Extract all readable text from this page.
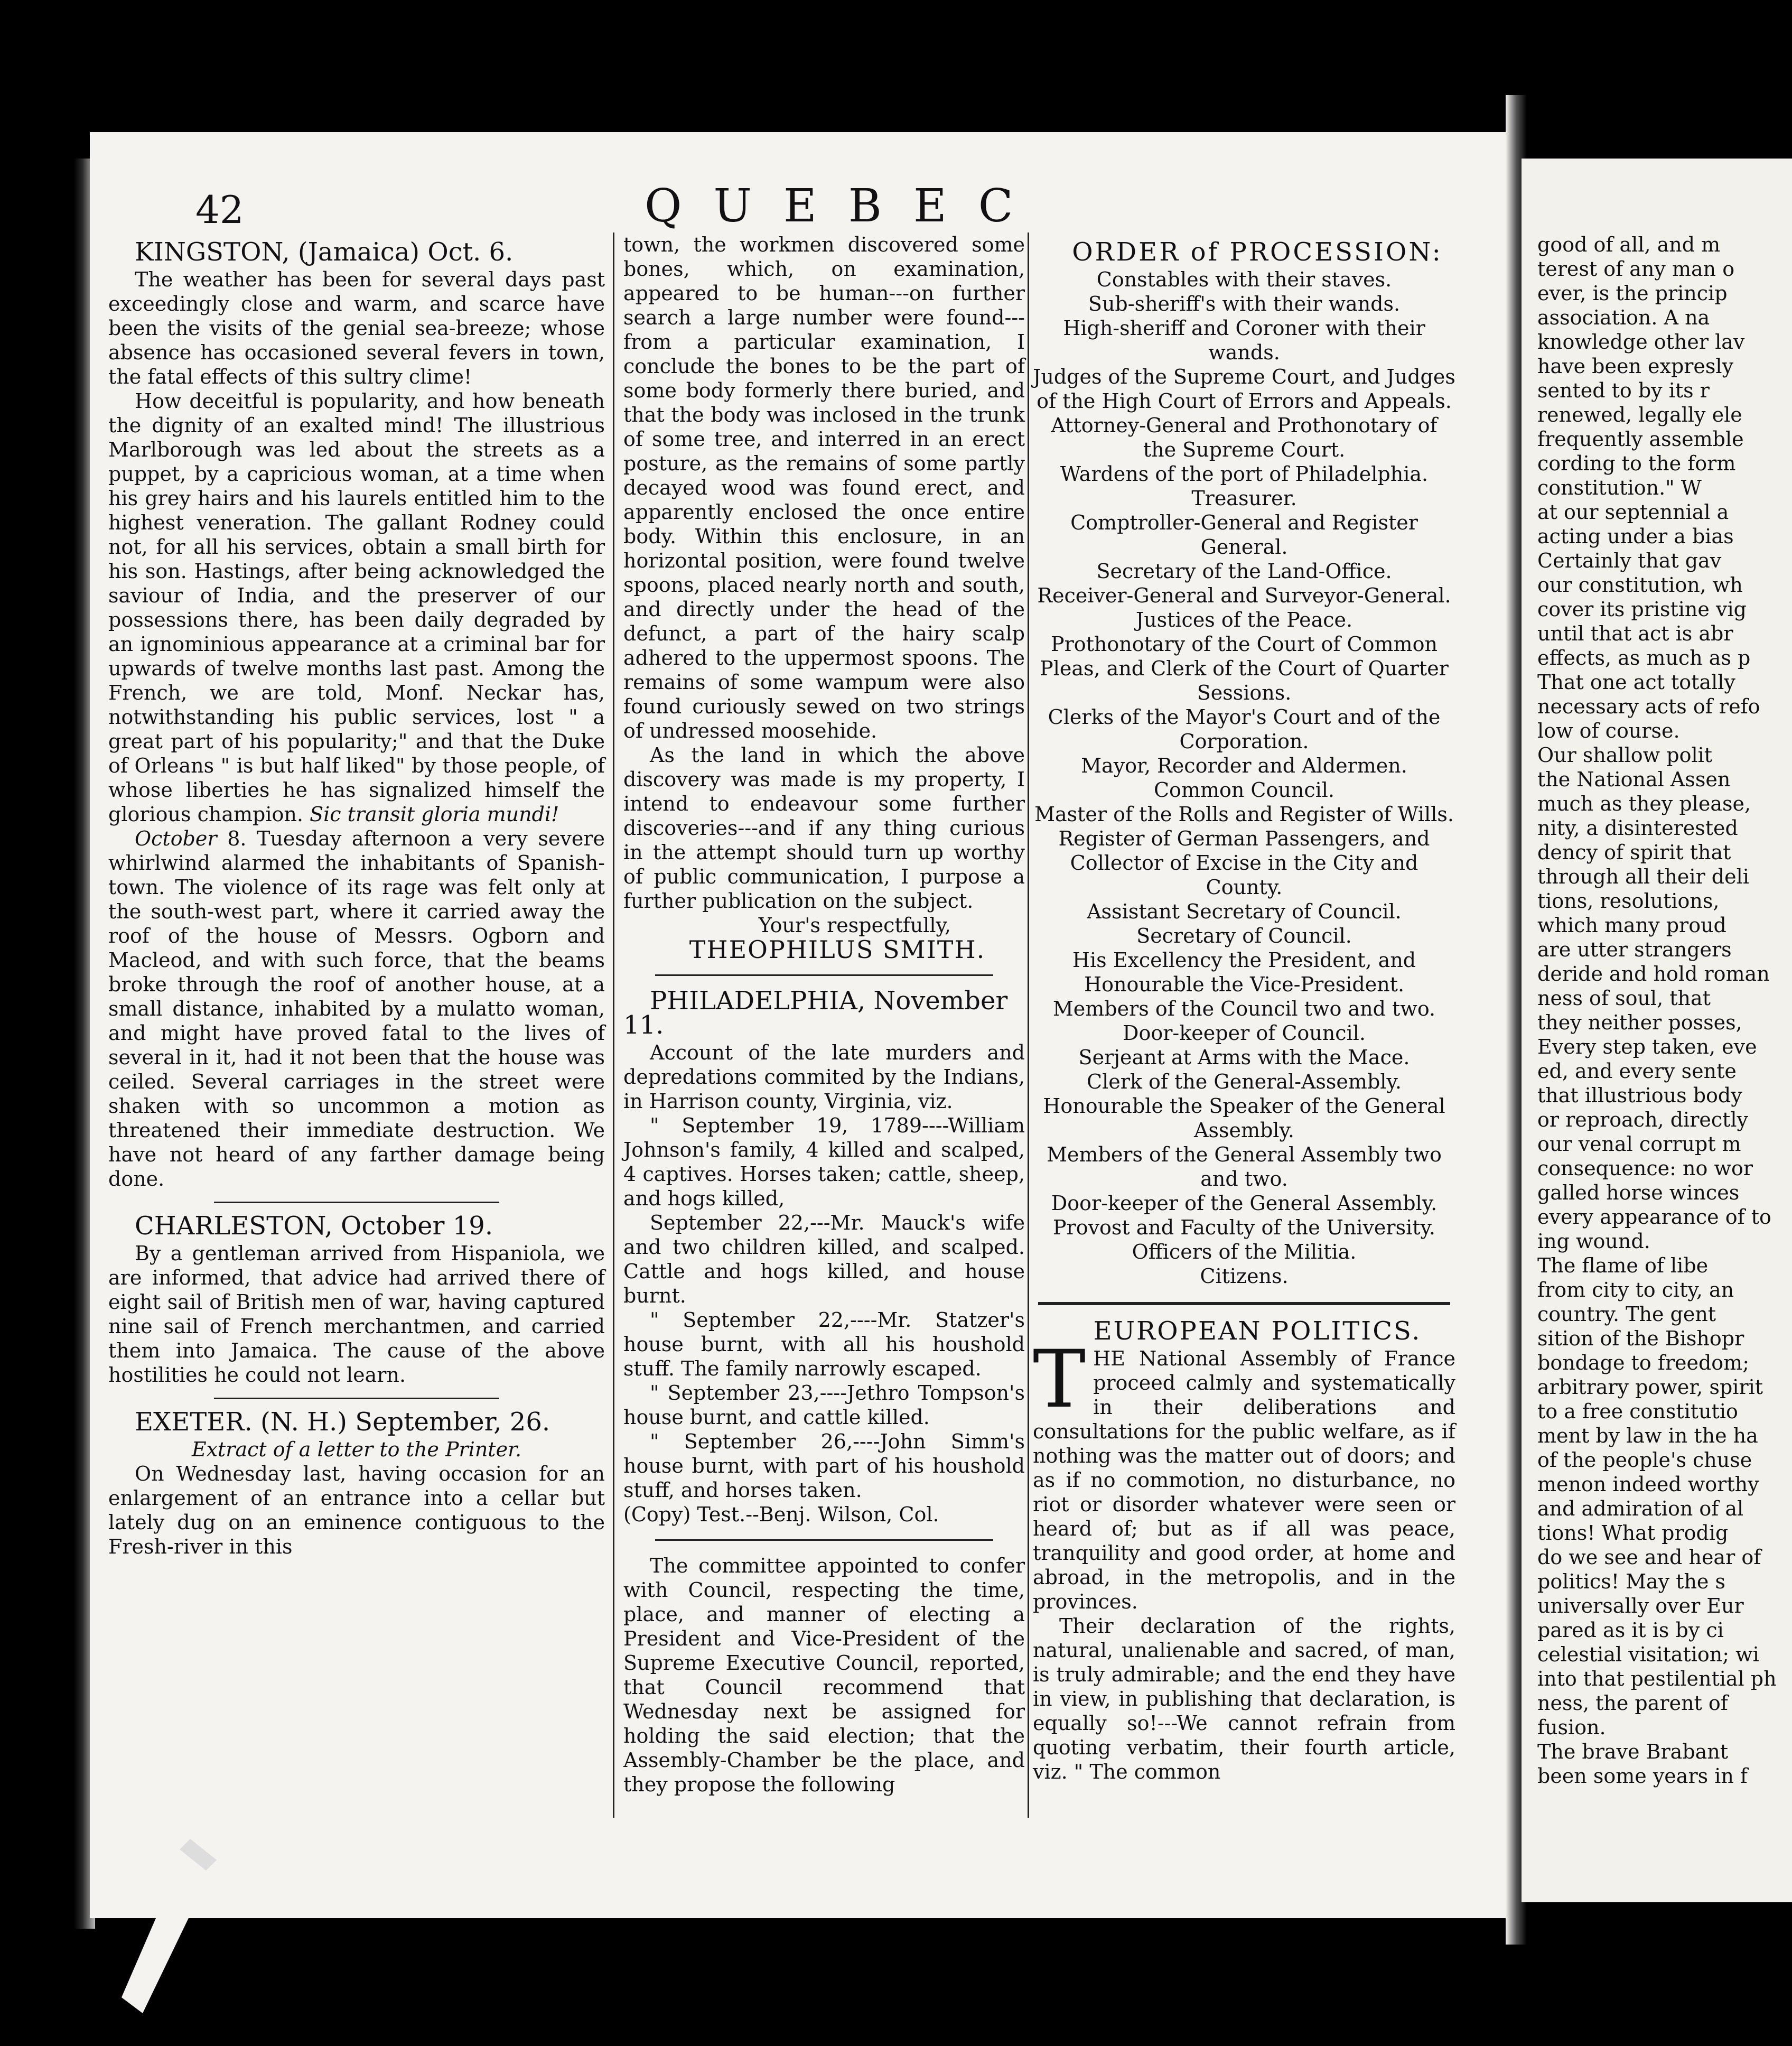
42	QUEBEC

KINGSTON, (Jamaica) Oct. 6.

The weather has been for several days past exceedingly close and warm, and scarce have been the visits of the genial sea-breeze; whose absence has occasioned several fevers in town, the fatal effects of this sultry clime!

How deceitful is popularity, and how beneath the dignity of an exalted mind! The illustrious Marlborough was led about the streets as a puppet, by a capricious woman, at a time when his grey hairs and his laurels entitled him to the highest veneration. The gallant Rodney could not, for all his services, obtain a small birth for his son. Hastings, after being acknowledged the saviour of India, and the preserver of our possessions there, has been daily degraded by an ignominious appearance at a criminal bar for upwards of twelve months last past. Among the French, we are told, Monf. Neckar has, notwithstanding his public services, lost " a great part of his popularity;" and that the Duke of Orleans " is but half liked" by those people, of whose liberties he has signalized himself the glorious champion. Sic transit gloria mundi!

October 8. Tuesday afternoon a very severe whirlwind alarmed the inhabitants of Spanish-town. The violence of its rage was felt only at the south-west part, where it carried away the roof of the house of Messrs. Ogborn and Macleod, and with such force, that the beams broke through the roof of another house, at a small distance, inhabited by a mulatto woman, and might have proved fatal to the lives of several in it, had it not been that the house was ceiled. Several carriages in the street were shaken with so uncommon a motion as threatened their immediate destruction. We have not heard of any farther damage being done.

CHARLESTON, October 19.

By a gentleman arrived from Hispaniola, we are informed, that advice had arrived there of eight sail of British men of war, having captured nine sail of French merchantmen, and carried them into Jamaica. The cause of the above hostilities he could not learn.

EXETER. (N. H.) September, 26.

Extract of a letter to the Printer.

On Wednesday last, having occasion for an enlargement of an entrance into a cellar but lately dug on an eminence contiguous to the Fresh-river in this

town, the workmen discovered some bones, which, on examination, appeared to be human---on further search a large number were found---from a particular examination, I conclude the bones to be the part of some body formerly there buried, and that the body was inclosed in the trunk of some tree, and interred in an erect posture, as the remains of some partly decayed wood was found erect, and apparently enclosed the once entire body. Within this enclosure, in an horizontal position, were found twelve spoons, placed nearly north and south, and directly under the head of the defunct, a part of the hairy scalp adhered to the uppermost spoons. The remains of some wampum were also found curiously sewed on two strings of undressed moosehide.

As the land in which the above discovery was made is my property, I intend to endeavour some further discoveries---and if any thing curious in the attempt should turn up worthy of public communication, I purpose a further publication on the subject.

Your's respectfully,

THEOPHILUS SMITH.

PHILADELPHIA, November 11.

Account of the late murders and depredations commited by the Indians, in Harrison county, Virginia, viz.

" September 19, 1789----William Johnson's family, 4 killed and scalped, 4 captives. Horses taken; cattle, sheep, and hogs killed,

September 22,---Mr. Mauck's wife and two children killed, and scalped. Cattle and hogs killed, and house burnt.

" September 22,----Mr. Statzer's house burnt, with all his houshold stuff. The family narrowly escaped.

" September 23,----Jethro Tompson's house burnt, and cattle killed.

" September 26,----John Simm's house burnt, with part of his houshold stuff, and horses taken.

(Copy) Test.--Benj. Wilson, Col.

The committee appointed to confer with Council, respecting the time, place, and manner of electing a President and Vice-President of the Supreme Executive Council, reported, that Council recommend that Wednesday next be assigned for holding the said election; that the Assembly-Chamber be the place, and they propose the following

ORDER of PROCESSION:

Constables with their staves.

Sub-sheriff's with their wands.

High-sheriff and Coroner with their wands.

Judges of the Supreme Court, and Judges of the High Court of Errors and Appeals.

Attorney-General and Prothonotary of the Supreme Court.

Wardens of the port of Philadelphia.

Treasurer.

Comptroller-General and Register General.

Secretary of the Land-Office.

Receiver-General and Surveyor-General.

Justices of the Peace.

Prothonotary of the Court of Common Pleas, and Clerk of the Court of Quarter Sessions.

Clerks of the Mayor's Court and of the Corporation.

Mayor, Recorder and Aldermen.

Common Council.

Master of the Rolls and Register of Wills.

Register of German Passengers, and Collector of Excise in the City and County.

Assistant Secretary of Council.

Secretary of Council.

His Excellency the President, and Honourable the Vice-President.

Members of the Council two and two.

Door-keeper of Council.

Serjeant at Arms with the Mace.

Clerk of the General-Assembly.

Honourable the Speaker of the General Assembly.

Members of the General Assembly two and two.

Door-keeper of the General Assembly.

Provost and Faculty of the University.

Officers of the Militia.

Citizens.

EUROPEAN POLITICS.

THE National Assembly of France proceed calmly and systematically in their deliberations and consultations for the public welfare, as if nothing was the matter out of doors; and as if no commotion, no disturbance, no riot or disorder whatever were seen or heard of; but as if all was peace, tranquility and good order, at home and abroad, in the metropolis, and in the provinces.

Their declaration of the rights, natural, unalienable and sacred, of man, is truly admirable; and the end they have in view, in publishing that declaration, is equally so!---We cannot refrain from quoting verbatim, their fourth article, viz. " The common

good of all, and m
terest of any man o
ever, is the princip
association. A na
knowledge other lav
have been expresly
sented to by its r
renewed, legally ele
frequently assemble
cording to the form
constitution." W
at our septennial a
acting under a bias
Certainly that gav
our constitution, wh
cover its pristine vig
until that act is abr
effects, as much as p
That one act totally
necessary acts of refo
low of course.
Our shallow polit
the National Assen
much as they please,
nity, a disinterested
dency of spirit that
through all their deli
tions, resolutions,
which many proud
are utter strangers
deride and hold roman
ness of soul, that
they neither posses,
Every step taken, eve
ed, and every sente
that illustrious body
or reproach, directly
our venal corrupt m
consequence: no wor
galled horse winces
every appearance of to
ing wound.
The flame of libe
from city to city, an
country. The gent
sition of the Bishopr
bondage to freedom;
arbitrary power, spirit
to a free constitutio
ment by law in the ha
of the people's chuse
menon indeed worthy
and admiration of al
tions! What prodig
do we see and hear of
politics! May the s
universally over Eur
pared as it is by ci
celestial visitation; wi
into that pestilential ph
ness, the parent of
fusion.
The brave Brabant
been some years in f
